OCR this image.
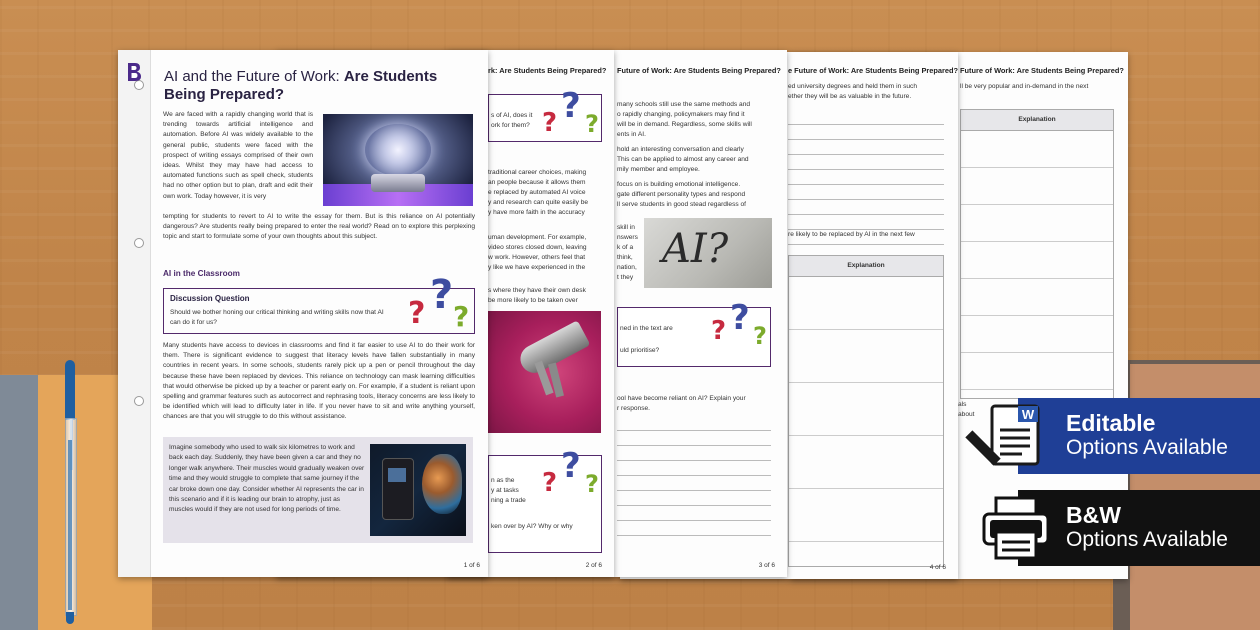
Future of Work: Are Students Being Prepared?
ll be very popular and in-demand in the next
Explanation
e Future of Work: Are Students Being Prepared?
ed university degrees and held them in such
ether they will be as valuable in the future.
re likely to be replaced by AI in the next few
Explanation
als about
4 of 6
Future of Work: Are Students Being Prepared?
many schools still use the same methods and
o rapidly changing, policymakers may find it
will be in demand. Regardless, some skills will
ents in AI.
hold an interesting conversation and clearly
This can be applied to almost any career and
mily member and employee.
focus on is building emotional intelligence.
gate different personality types and respond
ll serve students in good stead regardless of
skill in
nswers
k of a
think,
nation,
t they
AI?
ned in the text are
uld prioritise?
? ? ?
ool have become reliant on AI? Explain your
r response.
3 of 6
rk: Are Students Being Prepared?
s of AI, does it
ork for them? ? ? ?
traditional career choices, making
an people because it allows them
e replaced by automated AI voice
y and research can quite easily be
y have more faith in the accuracy
uman development. For example,
video stores closed down, leaving
w work. However, others feel that
y like we have experienced in the
s where they have their own desk
be more likely to be taken over
n as the
y at tasks
ning a trade
ken over by AI? Why or why
? ? ?
2 of 6
AI and the Future of Work: Are Students Being Prepared?
We are faced with a rapidly changing world that is trending towards artificial intelligence and automation. Before AI was widely available to the general public, students were faced with the prospect of writing essays comprised of their own ideas. Whilst they may have had access to automated functions such as spell check, students had no other option but to plan, draft and edit their own work. Today however, it is very
tempting for students to revert to AI to write the essay for them. But is this reliance on AI potentially dangerous? Are students really being prepared to enter the real world? Read on to explore this perplexing topic and start to formulate some of your own thoughts about this subject.
AI in the Classroom
Discussion Question
Should we bother honing our critical thinking and writing skills now that AI can do it for us?	? ? ?
Many students have access to devices in classrooms and find it far easier to use AI to do their work for them. There is significant evidence to suggest that literacy levels have fallen substantially in many countries in recent years. In some schools, students rarely pick up a pen or pencil throughout the day because these have been replaced by devices. This reliance on technology can mask learning difficulties that would otherwise be picked up by a teacher or parent early on. For example, if a student is reliant upon spelling and grammar features such as autocorrect and rephrasing tools, literacy concerns are less likely to be identified which will lead to difficulty later in life. If you never have to sit and write anything yourself, chances are that you will struggle to do this without assistance.
Imagine somebody who used to walk six kilometres to work and back each day. Suddenly, they have been given a car and they no longer walk anywhere. Their muscles would gradually weaken over time and they would struggle to complete that same journey if the car broke down one day. Consider whether AI represents the car in this scenario and if it is leading our brain to atrophy, just as muscles would if they are not used for long periods of time.
1 of 6
W Editable
Options Available
B&W
Options Available
